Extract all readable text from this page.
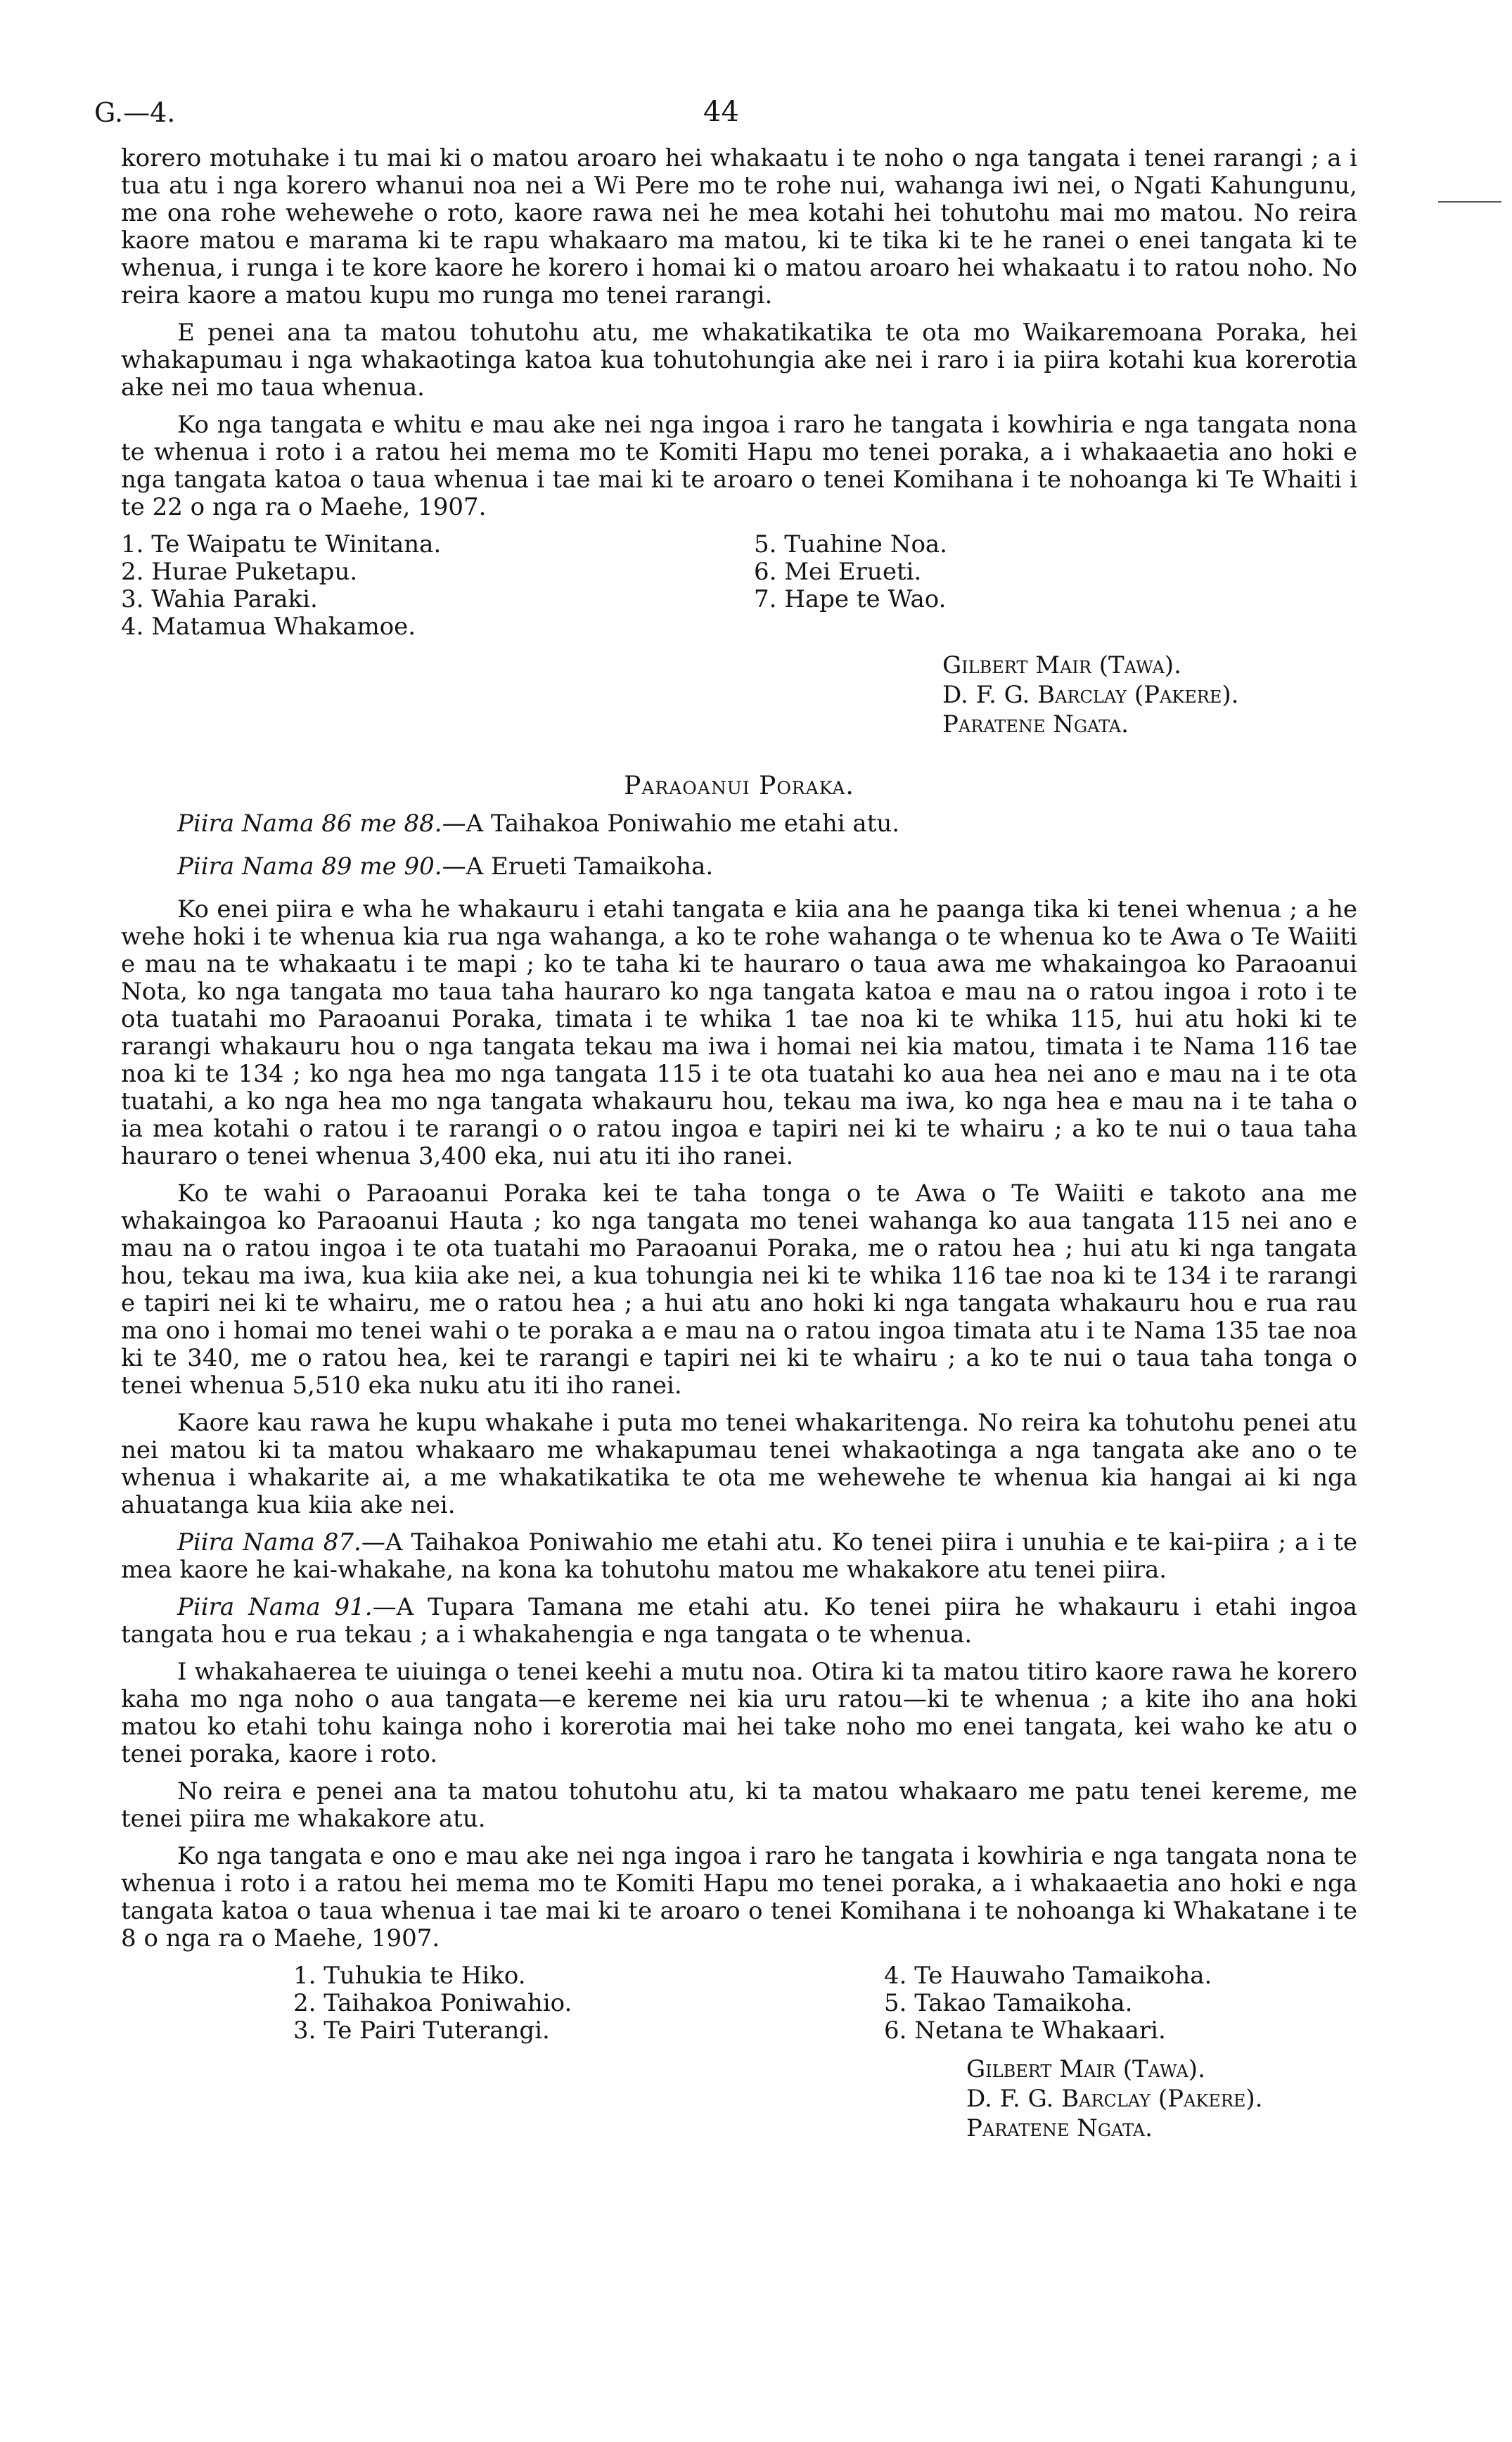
G.—4.	44

korero motuhake i tu mai ki o matou aroaro hei whakaatu i te noho o nga tangata i tenei rarangi ; a i tua atu i nga korero whanui noa nei a Wi Pere mo te rohe nui, wahanga iwi nei, o Ngati Kahungunu, me ona rohe wehewehe o roto, kaore rawa nei he mea kotahi hei tohutohu mai mo matou. No reira kaore matou e marama ki te rapu whakaaro ma matou, ki te tika ki te he ranei o enei tangata ki te whenua, i runga i te kore kaore he korero i homai ki o matou aroaro hei whakaatu i to ratou noho. No reira kaore a matou kupu mo runga mo tenei rarangi.

E penei ana ta matou tohutohu atu, me whakatikatika te ota mo Waikaremoana Poraka, hei whakapumau i nga whakaotinga katoa kua tohutohungia ake nei i raro i ia piira kotahi kua korerotia ake nei mo taua whenua.

Ko nga tangata e whitu e mau ake nei nga ingoa i raro he tangata i kowhiria e nga tangata nona te whenua i roto i a ratou hei mema mo te Komiti Hapu mo tenei poraka, a i whakaaetia ano hoki e nga tangata katoa o taua whenua i tae mai ki te aroaro o tenei Komihana i te nohoanga ki Te Whaiti i te 22 o nga ra o Maehe, 1907.

1. Te Waipatu te Winitana.
2. Hurae Puketapu.
3. Wahia Paraki.
4. Matamua Whakamoe.
5. Tuahine Noa.
6. Mei Erueti.
7. Hape te Wao.
Gilbert Mair (Tawa).
D. F. G. Barclay (Pakere).
Paratene Ngata.
Paraoanui Poraka.
Piira Nama 86 me 88.—A Taihakoa Poniwahio me etahi atu.
Piira Nama 89 me 90.—A Erueti Tamaikoha.

Ko enei piira e wha he whakauru i etahi tangata e kiia ana he paanga tika ki tenei whenua ; a he wehe hoki i te whenua kia rua nga wahanga, a ko te rohe wahanga o te whenua ko te Awa o Te Waiiti e mau na te whakaatu i te mapi ; ko te taha ki te hauraro o taua awa me whakaingoa ko Paraoanui Nota, ko nga tangata mo taua taha hauraro ko nga tangata katoa e mau na o ratou ingoa i roto i te ota tuatahi mo Paraoanui Poraka, timata i te whika 1 tae noa ki te whika 115, hui atu hoki ki te rarangi whakauru hou o nga tangata tekau ma iwa i homai nei kia matou, timata i te Nama 116 tae noa ki te 134 ; ko nga hea mo nga tangata 115 i te ota tuatahi ko aua hea nei ano e mau na i te ota tuatahi, a ko nga hea mo nga tangata whakauru hou, tekau ma iwa, ko nga hea e mau na i te taha o ia mea kotahi o ratou i te rarangi o o ratou ingoa e tapiri nei ki te whairu ; a ko te nui o taua taha hauraro o tenei whenua 3,400 eka, nui atu iti iho ranei.

Ko te wahi o Paraoanui Poraka kei te taha tonga o te Awa o Te Waiiti e takoto ana me whakaingoa ko Paraoanui Hauta ; ko nga tangata mo tenei wahanga ko aua tangata 115 nei ano e mau na o ratou ingoa i te ota tuatahi mo Paraoanui Poraka, me o ratou hea ; hui atu ki nga tangata hou, tekau ma iwa, kua kiia ake nei, a kua tohungia nei ki te whika 116 tae noa ki te 134 i te rarangi e tapiri nei ki te whairu, me o ratou hea ; a hui atu ano hoki ki nga tangata whakauru hou e rua rau ma ono i homai mo tenei wahi o te poraka a e mau na o ratou ingoa timata atu i te Nama 135 tae noa ki te 340, me o ratou hea, kei te rarangi e tapiri nei ki te whairu ; a ko te nui o taua taha tonga o tenei whenua 5,510 eka nuku atu iti iho ranei.

Kaore kau rawa he kupu whakahe i puta mo tenei whakaritenga. No reira ka tohutohu penei atu nei matou ki ta matou whakaaro me whakapumau tenei whakaotinga a nga tangata ake ano o te whenua i whakarite ai, a me whakatikatika te ota me wehewehe te whenua kia hangai ai ki nga ahuatanga kua kiia ake nei.

Piira Nama 87.—A Taihakoa Poniwahio me etahi atu. Ko tenei piira i unuhia e te kai-piira ; a i te mea kaore he kai-whakahe, na kona ka tohutohu matou me whakakore atu tenei piira.

Piira Nama 91.—A Tupara Tamana me etahi atu. Ko tenei piira he whakauru i etahi ingoa tangata hou e rua tekau ; a i whakahengia e nga tangata o te whenua.

I whakahaerea te uiuinga o tenei keehi a mutu noa. Otira ki ta matou titiro kaore rawa he korero kaha mo nga noho o aua tangata—e kereme nei kia uru ratou—ki te whenua ; a kite iho ana hoki matou ko etahi tohu kainga noho i korerotia mai hei take noho mo enei tangata, kei waho ke atu o tenei poraka, kaore i roto.

No reira e penei ana ta matou tohutohu atu, ki ta matou whakaaro me patu tenei kereme, me tenei piira me whakakore atu.

Ko nga tangata e ono e mau ake nei nga ingoa i raro he tangata i kowhiria e nga tangata nona te whenua i roto i a ratou hei mema mo te Komiti Hapu mo tenei poraka, a i whakaaetia ano hoki e nga tangata katoa o taua whenua i tae mai ki te aroaro o tenei Komihana i te nohoanga ki Whakatane i te 8 o nga ra o Maehe, 1907.

1. Tuhukia te Hiko.
2. Taihakoa Poniwahio.
3. Te Pairi Tuterangi.
4. Te Hauwaho Tamaikoha.
5. Takao Tamaikoha.
6. Netana te Whakaari.
Gilbert Mair (Tawa).
D. F. G. Barclay (Pakere).
Paratene Ngata.
